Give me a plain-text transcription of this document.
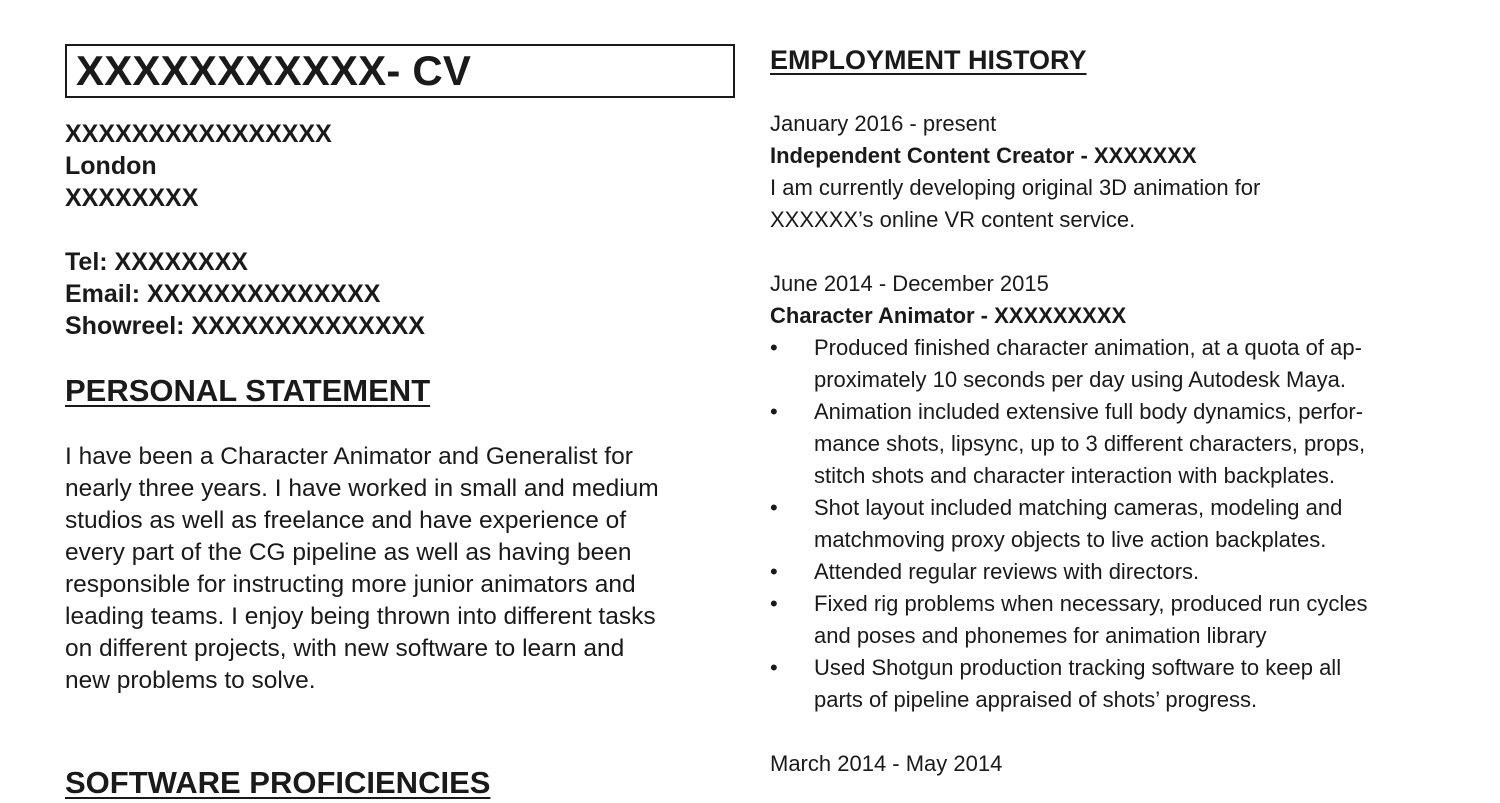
XXXXXXXXXXX- CV
XXXXXXXXXXXXXXXX
London
XXXXXXXX
Tel: XXXXXXXX
Email: XXXXXXXXXXXXXX
Showreel: XXXXXXXXXXXXXX
PERSONAL STATEMENT
I have been a Character Animator and Generalist for
nearly three years. I have worked in small and medium
studios as well as freelance and have experience of
every part of the CG pipeline as well as having been
responsible for instructing more junior animators and
leading teams. I enjoy being thrown into different tasks
on different projects, with new software to learn and
new problems to solve.
SOFTWARE PROFICIENCIES
EMPLOYMENT HISTORY
January 2016 - present
Independent Content Creator - XXXXXXX
I am currently developing original 3D animation for
XXXXXX’s online VR content service.
June 2014 - December 2015
Character Animator - XXXXXXXXX
• Produced finished character animation, at a quota of ap-
proximately 10 seconds per day using Autodesk Maya.
• Animation included extensive full body dynamics, perfor-
mance shots, lipsync, up to 3 different characters, props,
stitch shots and character interaction with backplates.
• Shot layout included matching cameras, modeling and
matchmoving proxy objects to live action backplates.
• Attended regular reviews with directors.
• Fixed rig problems when necessary, produced run cycles
and poses and phonemes for animation library
• Used Shotgun production tracking software to keep all
parts of pipeline appraised of shots’ progress.
March 2014 - May 2014
